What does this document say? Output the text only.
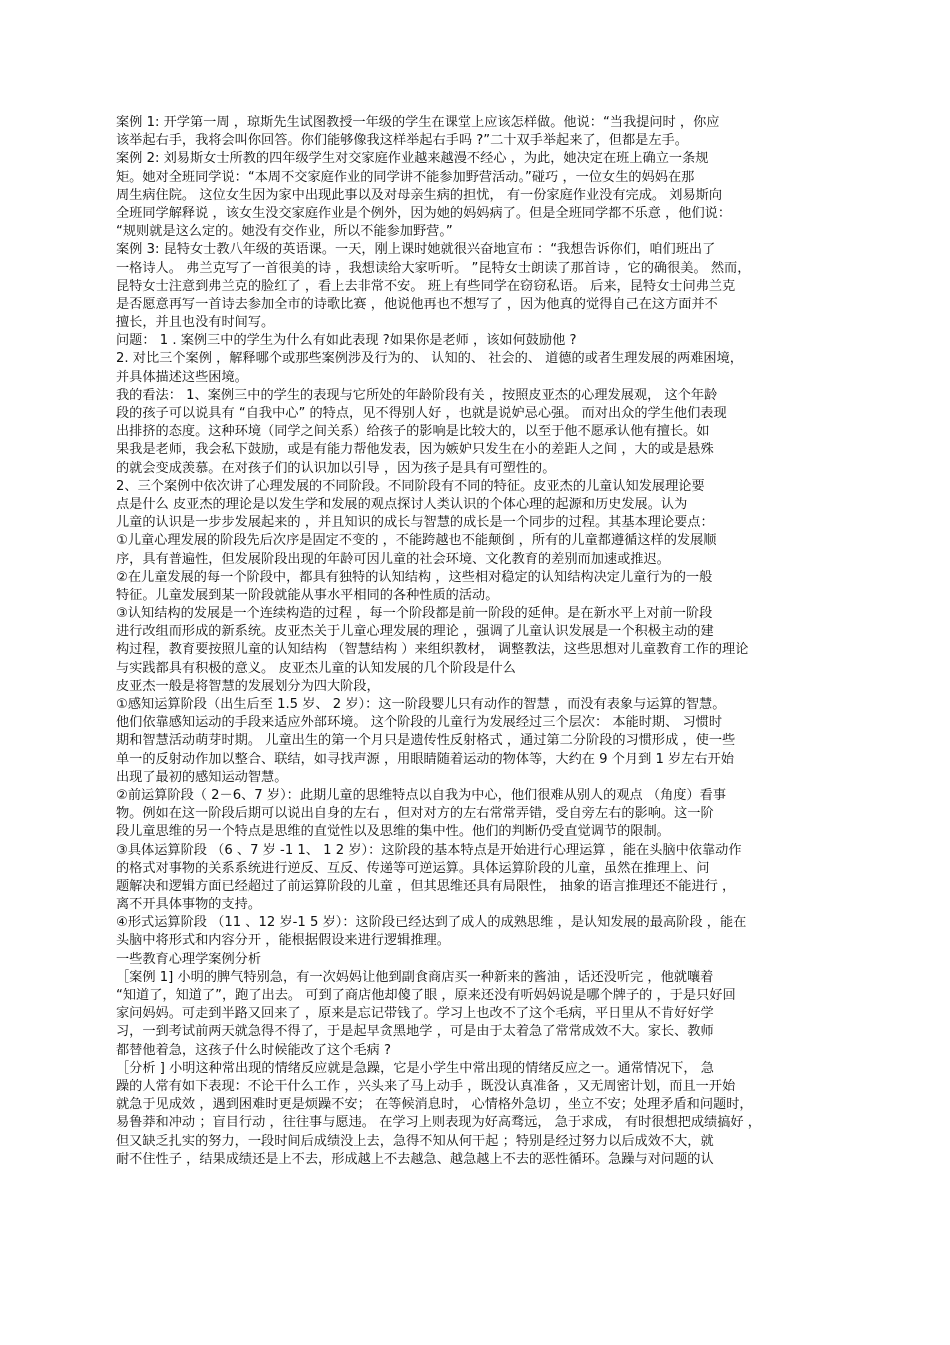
案例 1: 开学第一周 ，琼斯先生试图教授一年级的学生在课堂上应该怎样做。他说：“当我提问时 ，你应
该举起右手，我将会叫你回答。你们能够像我这样举起右手吗 ?”二十双手举起来了，但都是左手。
案例 2: 刘易斯女士所教的四年级学生对交家庭作业越来越漫不经心 ，为此，她决定在班上确立一条规
矩。她对全班同学说：“本周不交家庭作业的同学讲不能参加野营活动。”碰巧 ，一位女生的妈妈在那
周生病住院。 这位女生因为家中出现此事以及对母亲生病的担忧， 有一份家庭作业没有完成。 刘易斯向
全班同学解释说 ，该女生没交家庭作业是个例外，因为她的妈妈病了。但是全班同学都不乐意 ，他们说：
“规则就是这么定的。她没有交作业，所以不能参加野营。”
案例 3: 昆特女士教八年级的英语课。一天，刚上课时她就很兴奋地宣布 ：“我想告诉你们，咱们班出了
一格诗人。 弗兰克写了一首很美的诗 ，我想读给大家听听。 ”昆特女士朗读了那首诗 ，它的确很美。 然而，
昆特女士注意到弗兰克的脸红了 ，看上去非常不安。 班上有些同学在窃窃私语。 后来，昆特女士问弗兰克
是否愿意再写一首诗去参加全市的诗歌比赛 ，他说他再也不想写了 ，因为他真的觉得自己在这方面并不
擅长，并且也没有时间写。
问题： 1 . 案例三中的学生为什么有如此表现 ?如果你是老师 ，该如何鼓励他 ?
2. 对比三个案例 ，解释哪个或那些案例涉及行为的、 认知的、 社会的、 道德的或者生理发展的两难困境，
并具体描述这些困境。
我的看法： 1、案例三中的学生的表现与它所处的年龄阶段有关 ，按照皮亚杰的心理发展观， 这个年龄
段的孩子可以说具有 “自我中心” 的特点，见不得别人好 ，也就是说妒忌心强。 而对出众的学生他们表现
出排挤的态度。这种环境（同学之间关系）给孩子的影响是比较大的，以至于他不愿承认他有擅长。如
果我是老师，我会私下鼓励，或是有能力帮他发表，因为嫉妒只发生在小的差距人之间 ，大的或是悬殊
的就会变成羡慕。在对孩子们的认识加以引导 ，因为孩子是具有可塑性的。
2、三个案例中依次讲了心理发展的不同阶段。不同阶段有不同的特征。皮亚杰的儿童认知发展理论要
点是什么 皮亚杰的理论是以发生学和发展的观点探讨人类认识的个体心理的起源和历史发展。认为
儿童的认识是一步步发展起来的 ，并且知识的成长与智慧的成长是一个同步的过程。其基本理论要点：
①儿童心理发展的阶段先后次序是固定不变的 ，不能跨越也不能颠倒 ，所有的儿童都遵循这样的发展顺
序，具有普遍性，但发展阶段出现的年龄可因儿童的社会环境、文化教育的差别而加速或推迟。
②在儿童发展的每一个阶段中，都具有独特的认知结构 ，这些相对稳定的认知结构决定儿童行为的一般
特征。儿童发展到某一阶段就能从事水平相同的各种性质的活动。
③认知结构的发展是一个连续构造的过程 ，每一个阶段都是前一阶段的延伸。是在新水平上对前一阶段
进行改组而形成的新系统。皮亚杰关于儿童心理发展的理论 ，强调了儿童认识发展是一个积极主动的建
构过程，教育要按照儿童的认知结构 （智慧结构 ）来组织教材， 调整教法，这些思想对儿童教育工作的理论
与实践都具有积极的意义。 皮亚杰儿童的认知发展的几个阶段是什么
皮亚杰一般是将智慧的发展划分为四大阶段，
①感知运算阶段（出生后至 1.5 岁、 2 岁）：这一阶段婴儿只有动作的智慧 ，而没有表象与运算的智慧。
他们依靠感知运动的手段来适应外部环境。 这个阶段的儿童行为发展经过三个层次： 本能时期、 习惯时
期和智慧活动萌芽时期。 儿童出生的第一个月只是遗传性反射格式 ，通过第二分阶段的习惯形成 ，使一些
单一的反射动作加以整合、联结，如寻找声源 ，用眼睛随着运动的物体等，大约在 9 个月到 1 岁左右开始
出现了最初的感知运动智慧。
②前运算阶段（ 2－6、7 岁）：此期儿童的思维特点以自我为中心，他们很难从别人的观点 （角度）看事
物。例如在这一阶段后期可以说出自身的左右 ，但对对方的左右常常弄错，受自旁左右的影响。这一阶
段儿童思维的另一个特点是思维的直觉性以及思维的集中性。他们的判断仍受直觉调节的限制。
③具体运算阶段 （6 、7 岁 -1 1、 1 2 岁）：这阶段的基本特点是开始进行心理运算 ，能在头脑中依靠动作
的格式对事物的关系系统进行逆反、互反、传递等可逆运算。具体运算阶段的儿童，虽然在推理上、问
题解决和逻辑方面已经超过了前运算阶段的儿童 ，但其思维还具有局限性， 抽象的语言推理还不能进行 ，
离不开具体事物的支持。
④形式运算阶段 （11 、12 岁-1 5 岁）：这阶段已经达到了成人的成熟思维 ，是认知发展的最高阶段 ，能在
头脑中将形式和内容分开 ，能根据假设来进行逻辑推理。
一些教育心理学案例分析
［案例 1] 小明的脾气特别急，有一次妈妈让他到副食商店买一种新来的酱油 ，话还没听完 ，他就嚷着
“知道了，知道了”，跑了出去。 可到了商店他却傻了眼 ，原来还没有听妈妈说是哪个牌子的 ，于是只好回
家问妈妈。可走到半路又回来了 ，原来是忘记带钱了。学习上也改不了这个毛病，平日里从不肯好好学
习，一到考试前两天就急得不得了，于是起早贪黑地学 ，可是由于太着急了常常成效不大。家长、教师
都替他着急，这孩子什么时候能改了这个毛病 ?
［分析 ] 小明这种常出现的情绪反应就是急躁，它是小学生中常出现的情绪反应之一。通常情况下， 急
躁的人常有如下表现：不论干什么工作 ，兴头来了马上动手 ，既没认真准备 ，又无周密计划，而且一开始
就急于见成效 ，遇到困难时更是烦躁不安； 在等候消息时， 心情格外急切 ，坐立不安；处理矛盾和问题时，
易鲁莽和冲动 ；盲目行动 ，往往事与愿违。 在学习上则表现为好高骛远， 急于求成， 有时很想把成绩搞好 ，
但又缺乏扎实的努力，一段时间后成绩没上去，急得不知从何干起 ；特别是经过努力以后成效不大，就
耐不住性子 ，结果成绩还是上不去，形成越上不去越急、越急越上不去的恶性循环。急躁与对问题的认
